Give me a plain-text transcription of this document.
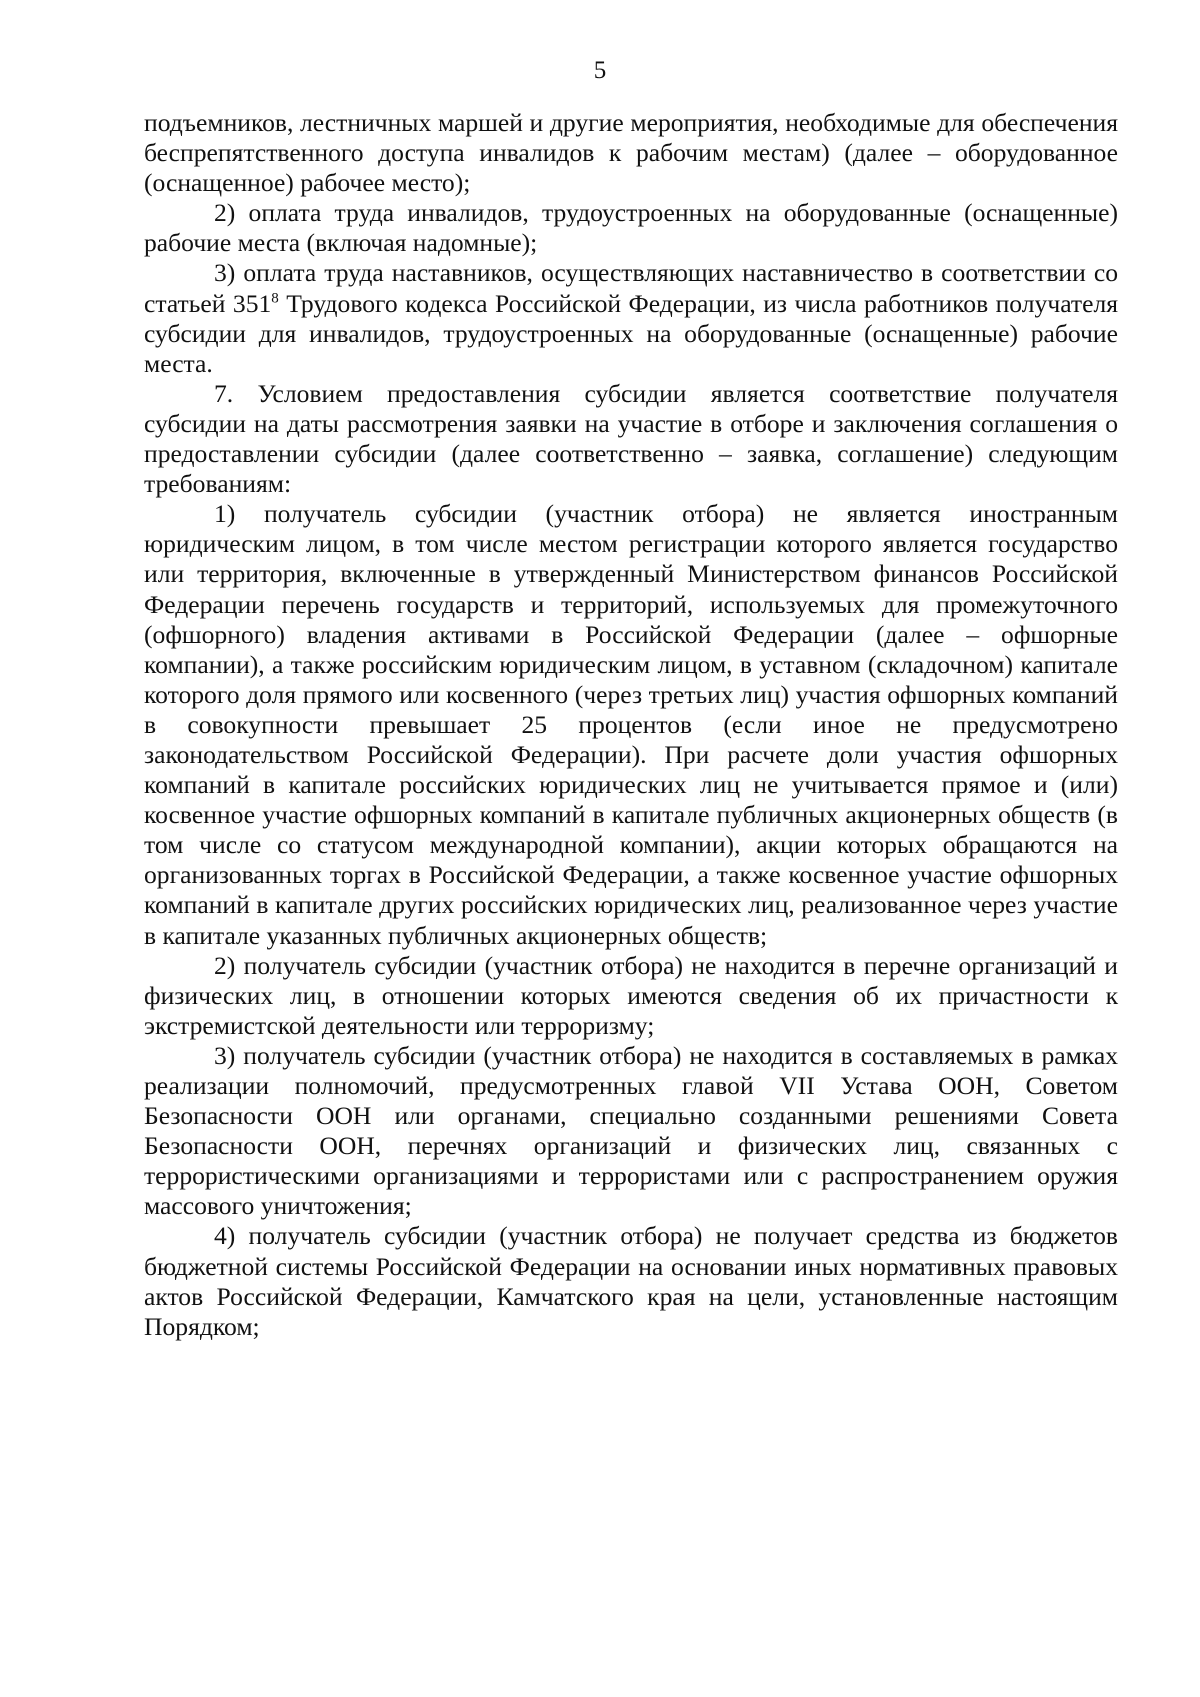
5

подъемников, лестничных маршей и другие мероприятия, необходимые для обеспечения беспрепятственного доступа инвалидов к рабочим местам) (далее – оборудованное (оснащенное) рабочее место);

2) оплата труда инвалидов, трудоустроенных на оборудованные (оснащенные) рабочие места (включая надомные);

3) оплата труда наставников, осуществляющих наставничество в соответствии со статьей $351^8$ Трудового кодекса Российской Федерации, из числа работников получателя субсидии для инвалидов, трудоустроенных на оборудованные (оснащенные) рабочие места.

7. Условием предоставления субсидии является соответствие получателя субсидии на даты рассмотрения заявки на участие в отборе и заключения соглашения о предоставлении субсидии (далее соответственно – заявка, соглашение) следующим требованиям:

1) получатель субсидии (участник отбора) не является иностранным юридическим лицом, в том числе местом регистрации которого является государство или территория, включенные в утвержденный Министерством финансов Российской Федерации перечень государств и территорий, используемых для промежуточного (офшорного) владения активами в Российской Федерации (далее – офшорные компании), а также российским юридическим лицом, в уставном (складочном) капитале которого доля прямого или косвенного (через третьих лиц) участия офшорных компаний в совокупности превышает 25 процентов (если иное не предусмотрено законодательством Российской Федерации). При расчете доли участия офшорных компаний в капитале российских юридических лиц не учитывается прямое и (или) косвенное участие офшорных компаний в капитале публичных акционерных обществ (в том числе со статусом международной компании), акции которых обращаются на организованных торгах в Российской Федерации, а также косвенное участие офшорных компаний в капитале других российских юридических лиц, реализованное через участие в капитале указанных публичных акционерных обществ;

2) получатель субсидии (участник отбора) не находится в перечне организаций и физических лиц, в отношении которых имеются сведения об их причастности к экстремистской деятельности или терроризму;

3) получатель субсидии (участник отбора) не находится в составляемых в рамках реализации полномочий, предусмотренных главой VII Устава ООН, Советом Безопасности ООН или органами, специально созданными решениями Совета Безопасности ООН, перечнях организаций и физических лиц, связанных с террористическими организациями и террористами или с распространением оружия массового уничтожения;

4) получатель субсидии (участник отбора) не получает средства из бюджетов бюджетной системы Российской Федерации на основании иных нормативных правовых актов Российской Федерации, Камчатского края на цели, установленные настоящим Порядком;
